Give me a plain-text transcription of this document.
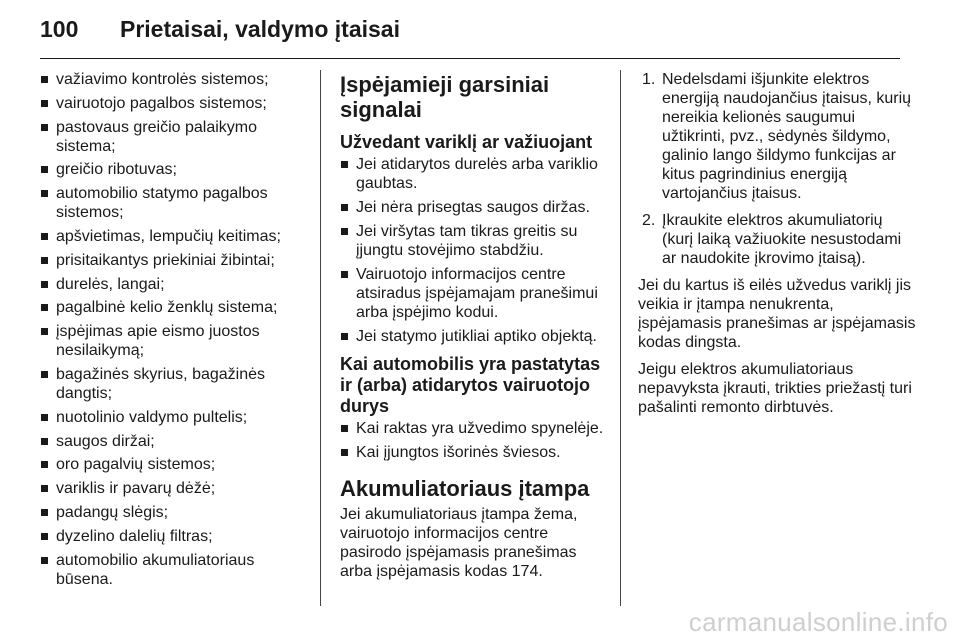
100 Prietaisai, valdymo įtaisai
važiavimo kontrolės sistemos;
vairuotojo pagalbos sistemos;
pastovaus greičio palaikymo sistema;
greičio ribotuvas;
automobilio statymo pagalbos sistemos;
apšvietimas, lempučių keitimas;
prisitaikantys priekiniai žibintai;
durelės, langai;
pagalbinė kelio ženklų sistema;
įspėjimas apie eismo juostos nesilaikymą;
bagažinės skyrius, bagažinės dangtis;
nuotolinio valdymo pultelis;
saugos diržai;
oro pagalvių sistemos;
variklis ir pavarų dėžė;
padangų slėgis;
dyzelino dalelių filtras;
automobilio akumuliatoriaus būsena.
Įspėjamieji garsiniai signalai
Užvedant variklį ar važiuojant
Jei atidarytos durelės arba variklio gaubtas.
Jei nėra prisegtas saugos diržas.
Jei viršytas tam tikras greitis su įjungtu stovėjimo stabdžiu.
Vairuotojo informacijos centre atsiradus įspėjamajam pranešimui arba įspėjimo kodui.
Jei statymo jutikliai aptiko objektą.
Kai automobilis yra pastatytas ir (arba) atidarytos vairuotojo durys
Kai raktas yra užvedimo spynelėje.
Kai įjungtos išorinės šviesos.
Akumuliatoriaus įtampa

Jei akumuliatoriaus įtampa žema, vairuotojo informacijos centre pasirodo įspėjamasis pranešimas arba įspėjamasis kodas 174.

1. Nedelsdami išjunkite elektros energiją naudojančius įtaisus, kurių nereikia kelionės saugumui užtikrinti, pvz., sėdynės šildymo, galinio lango šildymo funkcijas ar kitus pagrindinius energiją vartojančius įtaisus.
2. Įkraukite elektros akumuliatorių (kurį laiką važiuokite nesustodami ar naudokite įkrovimo įtaisą).

Jei du kartus iš eilės užvedus variklį jis veikia ir įtampa nenukrenta, įspėjamasis pranešimas ar įspėjamasis kodas dingsta.

Jeigu elektros akumuliatoriaus nepavyksta įkrauti, trikties priežastį turi pašalinti remonto dirbtuvės.

carmanualsonline.info
